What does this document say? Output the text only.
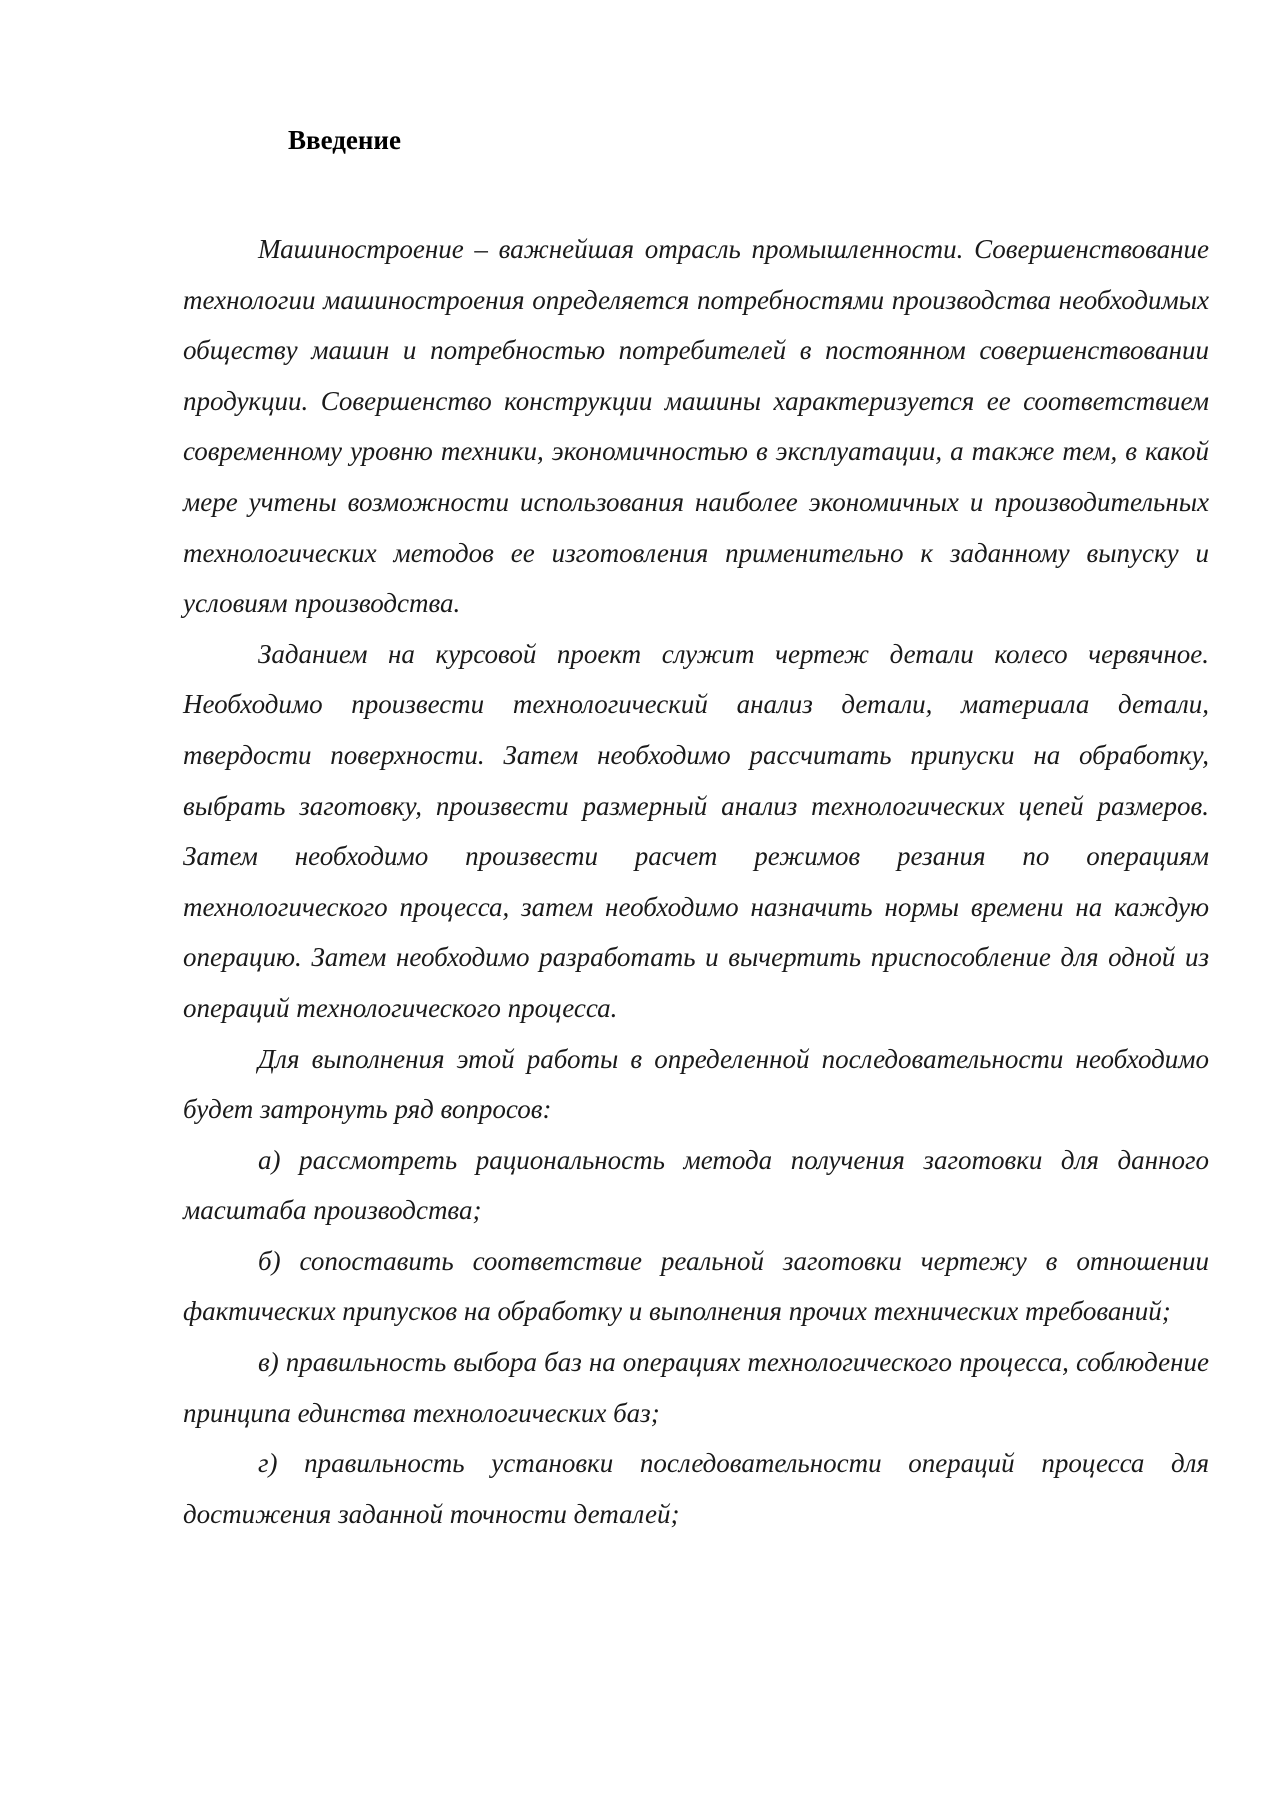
Введение

Машиностроение – важнейшая отрасль промышленности. Совершенствование технологии машиностроения определяется потребностями производства необходимых обществу машин и потребностью потребителей в постоянном совершенствовании продукции. Совершенство конструкции машины характеризуется ее соответствием современному уровню техники, экономичностью в эксплуатации, а также тем, в какой мере учтены возможности использования наиболее экономичных и производительных технологических методов ее изготовления применительно к заданному выпуску и условиям производства.

Заданием на курсовой проект служит чертеж детали колесо червячное. Необходимо произвести технологический анализ детали, материала детали, твердости поверхности. Затем необходимо рассчитать припуски на обработку, выбрать заготовку, произвести размерный анализ технологических цепей размеров. Затем необходимо произвести расчет режимов резания по операциям технологического процесса, затем необходимо назначить нормы времени на каждую операцию. Затем необходимо разработать и вычертить приспособление для одной из операций технологического процесса.

Для выполнения этой работы в определенной последовательности необходимо будет затронуть ряд вопросов:

а) рассмотреть рациональность метода получения заготовки для данного масштаба производства;

б) сопоставить соответствие реальной заготовки чертежу в отношении фактических припусков на обработку и выполнения прочих технических требований;

в) правильность выбора баз на операциях технологического процесса, соблюдение принципа единства технологических баз;

г) правильность установки последовательности операций процесса для достижения заданной точности деталей;
